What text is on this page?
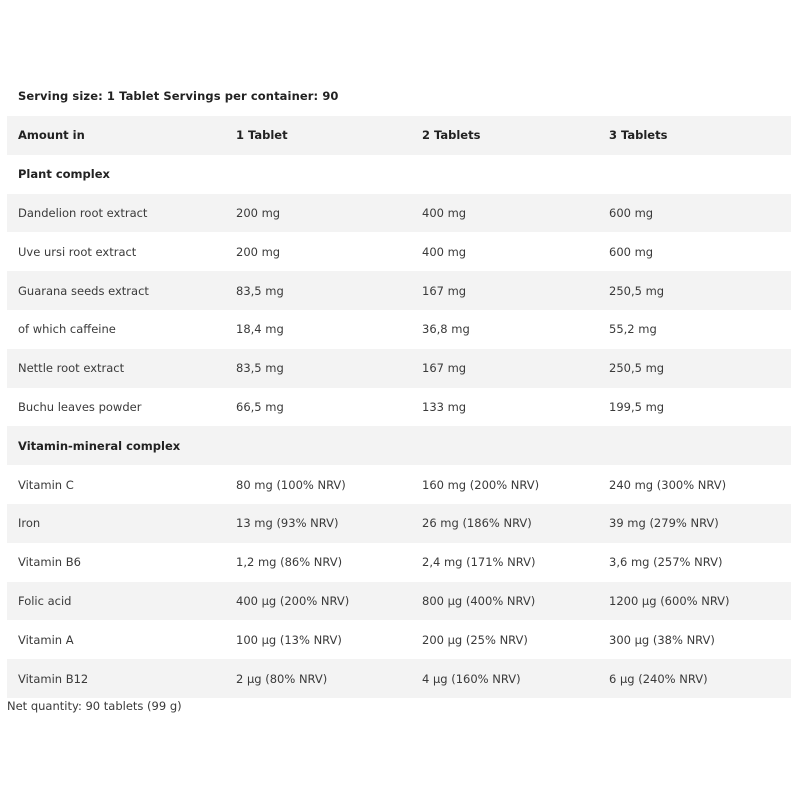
Serving size: 1 Tablet Servings per container: 90
Amount in	1 Tablet	2 Tablets	3 Tablets
Plant complex
Dandelion root extract	200 mg	400 mg	600 mg
Uve ursi root extract	200 mg	400 mg	600 mg
Guarana seeds extract	83,5 mg	167 mg	250,5 mg
of which caffeine	18,4 mg	36,8 mg	55,2 mg
Nettle root extract	83,5 mg	167 mg	250,5 mg
Buchu leaves powder	66,5 mg	133 mg	199,5 mg
Vitamin-mineral complex
Vitamin C	80 mg (100% NRV)	160 mg (200% NRV)	240 mg (300% NRV)
Iron	13 mg (93% NRV)	26 mg (186% NRV)	39 mg (279% NRV)
Vitamin B6	1,2 mg (86% NRV)	2,4 mg (171% NRV)	3,6 mg (257% NRV)
Folic acid	400 µg (200% NRV)	800 µg (400% NRV)	1200 µg (600% NRV)
Vitamin A	100 µg (13% NRV)	200 µg (25% NRV)	300 µg (38% NRV)
Vitamin B12	2 µg (80% NRV)	4 µg (160% NRV)	6 µg (240% NRV)
Net quantity: 90 tablets (99 g)
